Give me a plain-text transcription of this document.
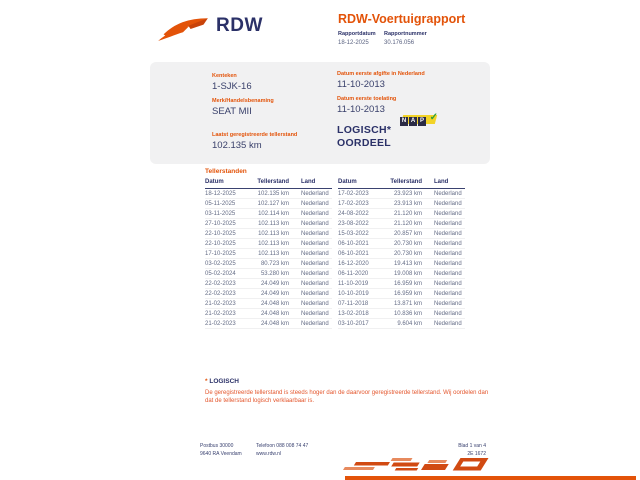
RDW	RDW-Voertuigrapport
Rapportdatum
18-12-2025
Rapportnummer
30.176.056
Kenteken
1-SJK-16
Merk/Handelsbenaming
SEAT MII
Laatst geregistreerde tellerstand
102.135 km
Datum eerste afgifte in Nederland
11-10-2013
Datum eerste toelating
11-10-2013
LOGISCH*
OORDEEL
N A P ✓
Tellerstanden
Datum	Tellerstand Land
18-12-2025	102.135 km Nederland
05-11-2025	102.127 km Nederland
03-11-2025	102.114 km Nederland
27-10-2025	102.113 km Nederland
22-10-2025	102.113 km Nederland
22-10-2025	102.113 km Nederland
17-10-2025	102.113 km Nederland
03-02-2025	80.723 km Nederland
05-02-2024	53.280 km Nederland
22-02-2023	24.049 km Nederland
22-02-2023	24.049 km Nederland
21-02-2023	24.048 km Nederland
21-02-2023	24.048 km Nederland
21-02-2023	24.048 km Nederland
Datum	Tellerstand Land
17-02-2023	23.923 km Nederland
17-02-2023	23.913 km Nederland
24-08-2022	21.120 km Nederland
23-08-2022	21.120 km Nederland
15-03-2022	20.857 km Nederland
06-10-2021	20.730 km Nederland
06-10-2021	20.730 km Nederland
16-12-2020	19.413 km Nederland
06-11-2020	19.008 km Nederland
11-10-2019	16.959 km Nederland
10-10-2019	16.959 km Nederland
07-11-2018	13.871 km Nederland
13-02-2018	10.836 km Nederland
03-10-2017	9.604 km Nederland
* LOGISCH
De geregistreerde tellerstand is steeds hoger dan de daarvoor geregistreerde tellerstand. Wij oordelen dan
dat de tellerstand logisch verklaarbaar is.
Postbus 30000
9640 RA Veendam
Telefoon 088 008 74 47
www.rdw.nl
Blad 1 van 4
2E 1672
